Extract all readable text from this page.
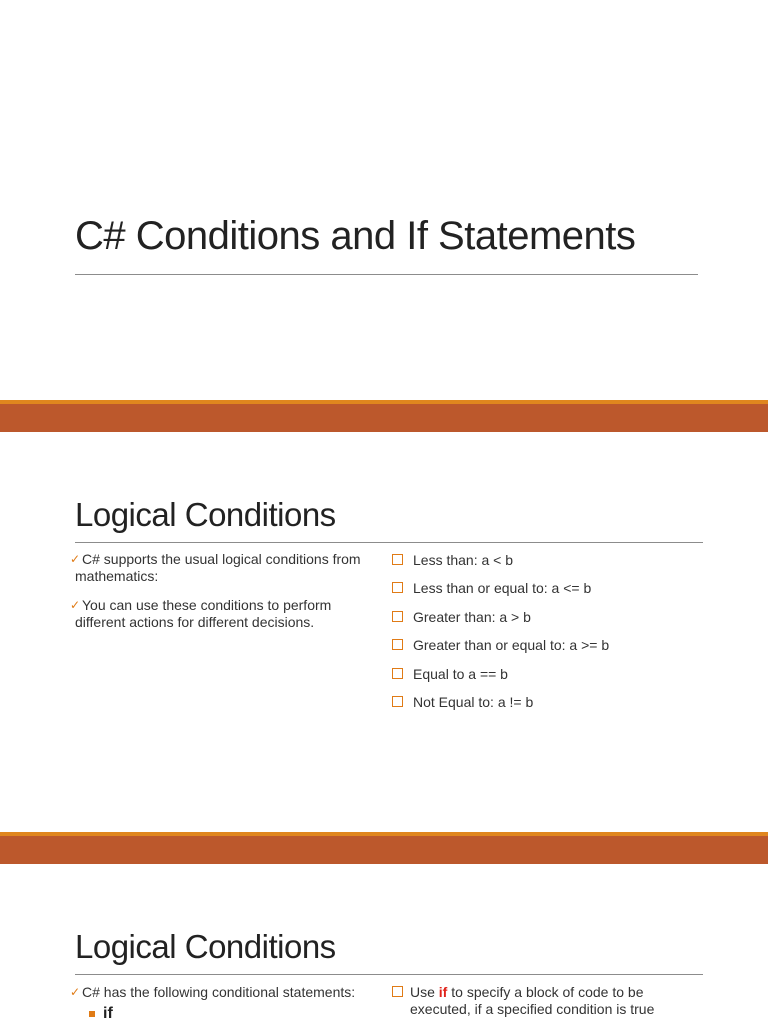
C# Conditions and If Statements
Logical Conditions
✓ C# supports the usual logical conditions from mathematics:
✓ You can use these conditions to perform different actions for different decisions.
Less than: a < b
Less than or equal to: a <= b
Greater than: a > b
Greater than or equal to: a >= b
Equal to a == b
Not Equal to: a != b
Logical Conditions
✓ C# has the following conditional statements:
if
Use if to specify a block of code to be executed, if a specified condition is true
